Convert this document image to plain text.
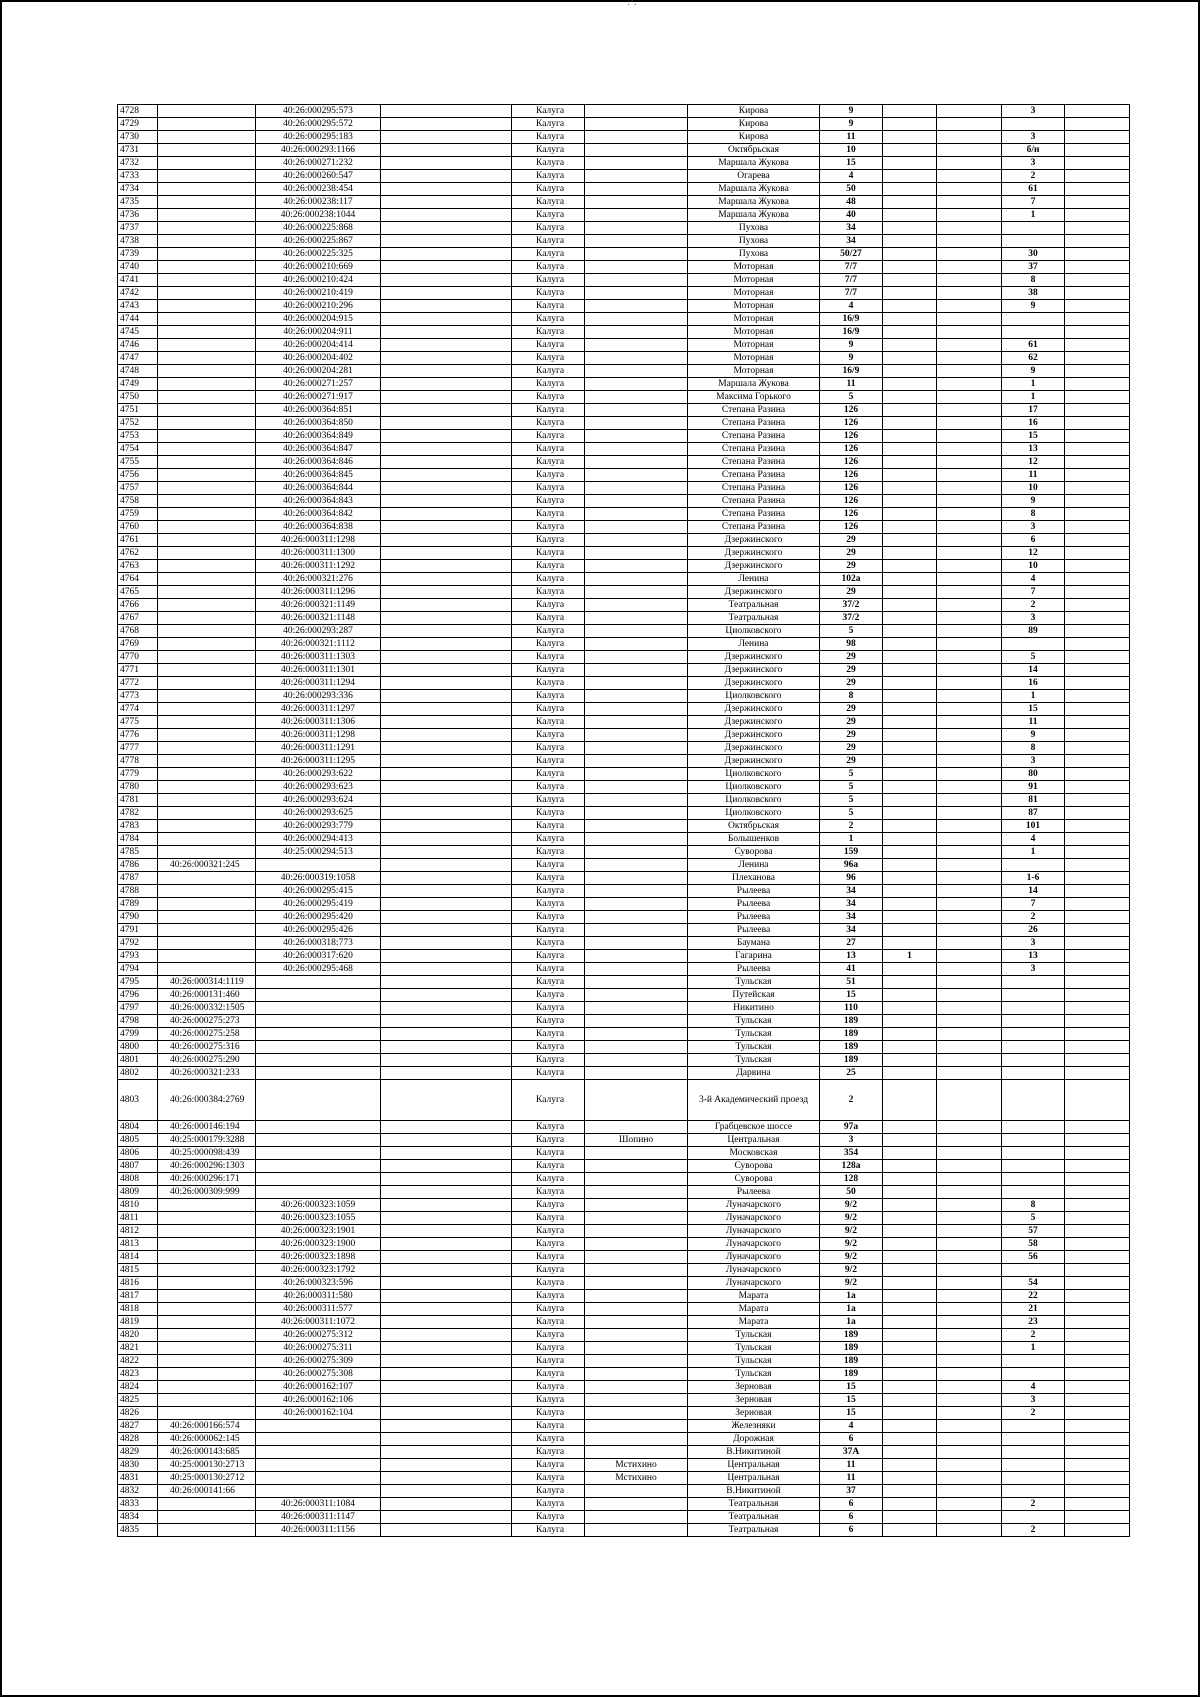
·´·
4728		40:26:000295:573		Калуга		Кирова	9			3	
4729		40:26:000295:572		Калуга		Кирова	9				
4730		40:26:000295:183		Калуга		Кирова	11			3	
4731		40:26:000293:1166		Калуга		Октябрьская	10			б/н	
4732		40:26:000271:232		Калуга		Маршала Жукова	15			3	
4733		40:26:000260:547		Калуга		Огарева	4			2	
4734		40:26:000238:454		Калуга		Маршала Жукова	50			61	
4735		40:26:000238:117		Калуга		Маршала Жукова	48			7	
4736		40:26:000238:1044		Калуга		Маршала Жукова	40			1	
4737		40:26:000225:868		Калуга		Пухова	34				
4738		40:26:000225:867		Калуга		Пухова	34				
4739		40:26:000225:325		Калуга		Пухова	50/27			30	
4740		40:26:000210:669		Калуга		Моторная	7/7			37	
4741		40:26:000210:424		Калуга		Моторная	7/7			8	
4742		40:26:000210:419		Калуга		Моторная	7/7			38	
4743		40:26:000210:296		Калуга		Моторная	4			9	
4744		40:26:000204:915		Калуга		Моторная	16/9				
4745		40:26:000204:911		Калуга		Моторная	16/9				
4746		40:26:000204:414		Калуга		Моторная	9			61	
4747		40:26:000204:402		Калуга		Моторная	9			62	
4748		40:26:000204:281		Калуга		Моторная	16/9			9	
4749		40:26:000271:257		Калуга		Маршала Жукова	11			1	
4750		40:26:000271:917		Калуга		Максима Горького	5			1	
4751		40:26:000364:851		Калуга		Степана Разина	126			17	
4752		40:26:000364:850		Калуга		Степана Разина	126			16	
4753		40:26:000364:849		Калуга		Степана Разина	126			15	
4754		40:26:000364:847		Калуга		Степана Разина	126			13	
4755		40:26:000364:846		Калуга		Степана Разина	126			12	
4756		40:26:000364:845		Калуга		Степана Разина	126			11	
4757		40:26:000364:844		Калуга		Степана Разина	126			10	
4758		40:26:000364:843		Калуга		Степана Разина	126			9	
4759		40:26:000364:842		Калуга		Степана Разина	126			8	
4760		40:26:000364:838		Калуга		Степана Разина	126			3	
4761		40:26:000311:1298		Калуга		Дзержинского	29			6	
4762		40:26:000311:1300		Калуга		Дзержинского	29			12	
4763		40:26:000311:1292		Калуга		Дзержинского	29			10	
4764		40:26:000321:276		Калуга		Ленина	102а			4	
4765		40:26:000311:1296		Калуга		Дзержинского	29			7	
4766		40:26:000321:1149		Калуга		Театральная	37/2			2	
4767		40:26:000321:1148		Калуга		Театральная	37/2			3	
4768		40:26:000293:287		Калуга		Циолковского	5			89	
4769		40:26:000321:1112		Калуга		Ленина	98				
4770		40:26:000311:1303		Калуга		Дзержинского	29			5	
4771		40:26:000311:1301		Калуга		Дзержинского	29			14	
4772		40:26:000311:1294		Калуга		Дзержинского	29			16	
4773		40:26:000293:336		Калуга		Циолковского	8			1	
4774		40:26:000311:1297		Калуга		Дзержинского	29			15	
4775		40:26:000311:1306		Калуга		Дзержинского	29			11	
4776		40:26:000311:1298		Калуга		Дзержинского	29			9	
4777		40:26:000311:1291		Калуга		Дзержинского	29			8	
4778		40:26:000311:1295		Калуга		Дзержинского	29			3	
4779		40:26:000293:622		Калуга		Циолковского	5			80	
4780		40:26:000293:623		Калуга		Циолковского	5			91	
4781		40:26:000293:624		Калуга		Циолковского	5			81	
4782		40:26:000293:625		Калуга		Циолковского	5			87	
4783		40:26:000293:779		Калуга		Октябрьская	2			101	
4784		40:26:000294:413		Калуга		Болышенков	1			4	
4785		40:25:000294:513		Калуга		Суворова	159			1	
4786	40:26:000321:245			Калуга		Ленина	96а				
4787		40:26:000319:1058		Калуга		Плеханова	96			1-6	
4788		40:26:000295:415		Калуга		Рылеева	34			14	
4789		40:26:000295:419		Калуга		Рылеева	34			7	
4790		40:26:000295:420		Калуга		Рылеева	34			2	
4791		40:26:000295:426		Калуга		Рылеева	34			26	
4792		40:26:000318:773		Калуга		Баумана	27			3	
4793		40:26:000317:620		Калуга		Гагарина	13	1		13	
4794		40:26:000295:468		Калуга		Рылеева	41			3	
4795	40:26:000314:1119			Калуга		Тульская	51				
4796	40:26:000131:460			Калуга		Путейская	15				
4797	40:26:000332:1505			Калуга		Никитино	110				
4798	40:26:000275:273			Калуга		Тульская	189				
4799	40:26:000275:258			Калуга		Тульская	189				
4800	40:26:000275:316			Калуга		Тульская	189				
4801	40:26:000275:290			Калуга		Тульская	189				
4802	40:26:000321:233			Калуга		Дарвина	25				
4803	40:26:000384:2769			Калуга		3-й Академический проезд	2				
4804	40:26:000146:194			Калуга		Грабцевское шоссе	97а				
4805	40:25:000179:3288			Калуга	Шопино	Центральная	3				
4806	40:25:000098:439			Калуга		Московская	354				
4807	40:26:000296:1303			Калуга		Суворова	128а				
4808	40:26:000296:171			Калуга		Суворова	128				
4809	40:26:000309:999			Калуга		Рылеева	50				
4810		40:26:000323:1059		Калуга		Луначарского	9/2			8	
4811		40:26:000323:1055		Калуга		Луначарского	9/2			5	
4812		40:26:000323:1901		Калуга		Луначарского	9/2			57	
4813		40:26:000323:1900		Калуга		Луначарского	9/2			58	
4814		40:26:000323:1898		Калуга		Луначарского	9/2			56	
4815		40:26:000323:1792		Калуга		Луначарского	9/2				
4816		40:26:000323:596		Калуга		Луначарского	9/2			54	
4817		40:26:000311:580		Калуга		Марата	1а			22	
4818		40:26:000311:577		Калуга		Марата	1а			21	
4819		40:26:000311:1072		Калуга		Марата	1а			23	
4820		40:26:000275:312		Калуга		Тульская	189			2	
4821		40:26:000275:311		Калуга		Тульская	189			1	
4822		40:26:000275:309		Калуга		Тульская	189				
4823		40:26:000275:308		Калуга		Тульская	189				
4824		40:26:000162:107		Калуга		Зерновая	15			4	
4825		40:26:000162:106		Калуга		Зерновая	15			3	
4826		40:26:000162:104		Калуга		Зерновая	15			2	
4827	40:26:000166:574			Калуга		Железняки	4				
4828	40:26:000062:145			Калуга		Дорожная	6				
4829	40:26:000143:685			Калуга		В.Никитиной	37А				
4830	40:25:000130:2713			Калуга	Мстихино	Центральная	11				
4831	40:25:000130:2712			Калуга	Мстихино	Центральная	11				
4832	40:26:000141:66			Калуга		В.Никитиной	37				
4833		40:26:000311:1084		Калуга		Театральная	6			2	
4834		40:26:000311:1147		Калуга		Театральная	6				
4835		40:26:000311:1156		Калуга		Театральная	6			2	
